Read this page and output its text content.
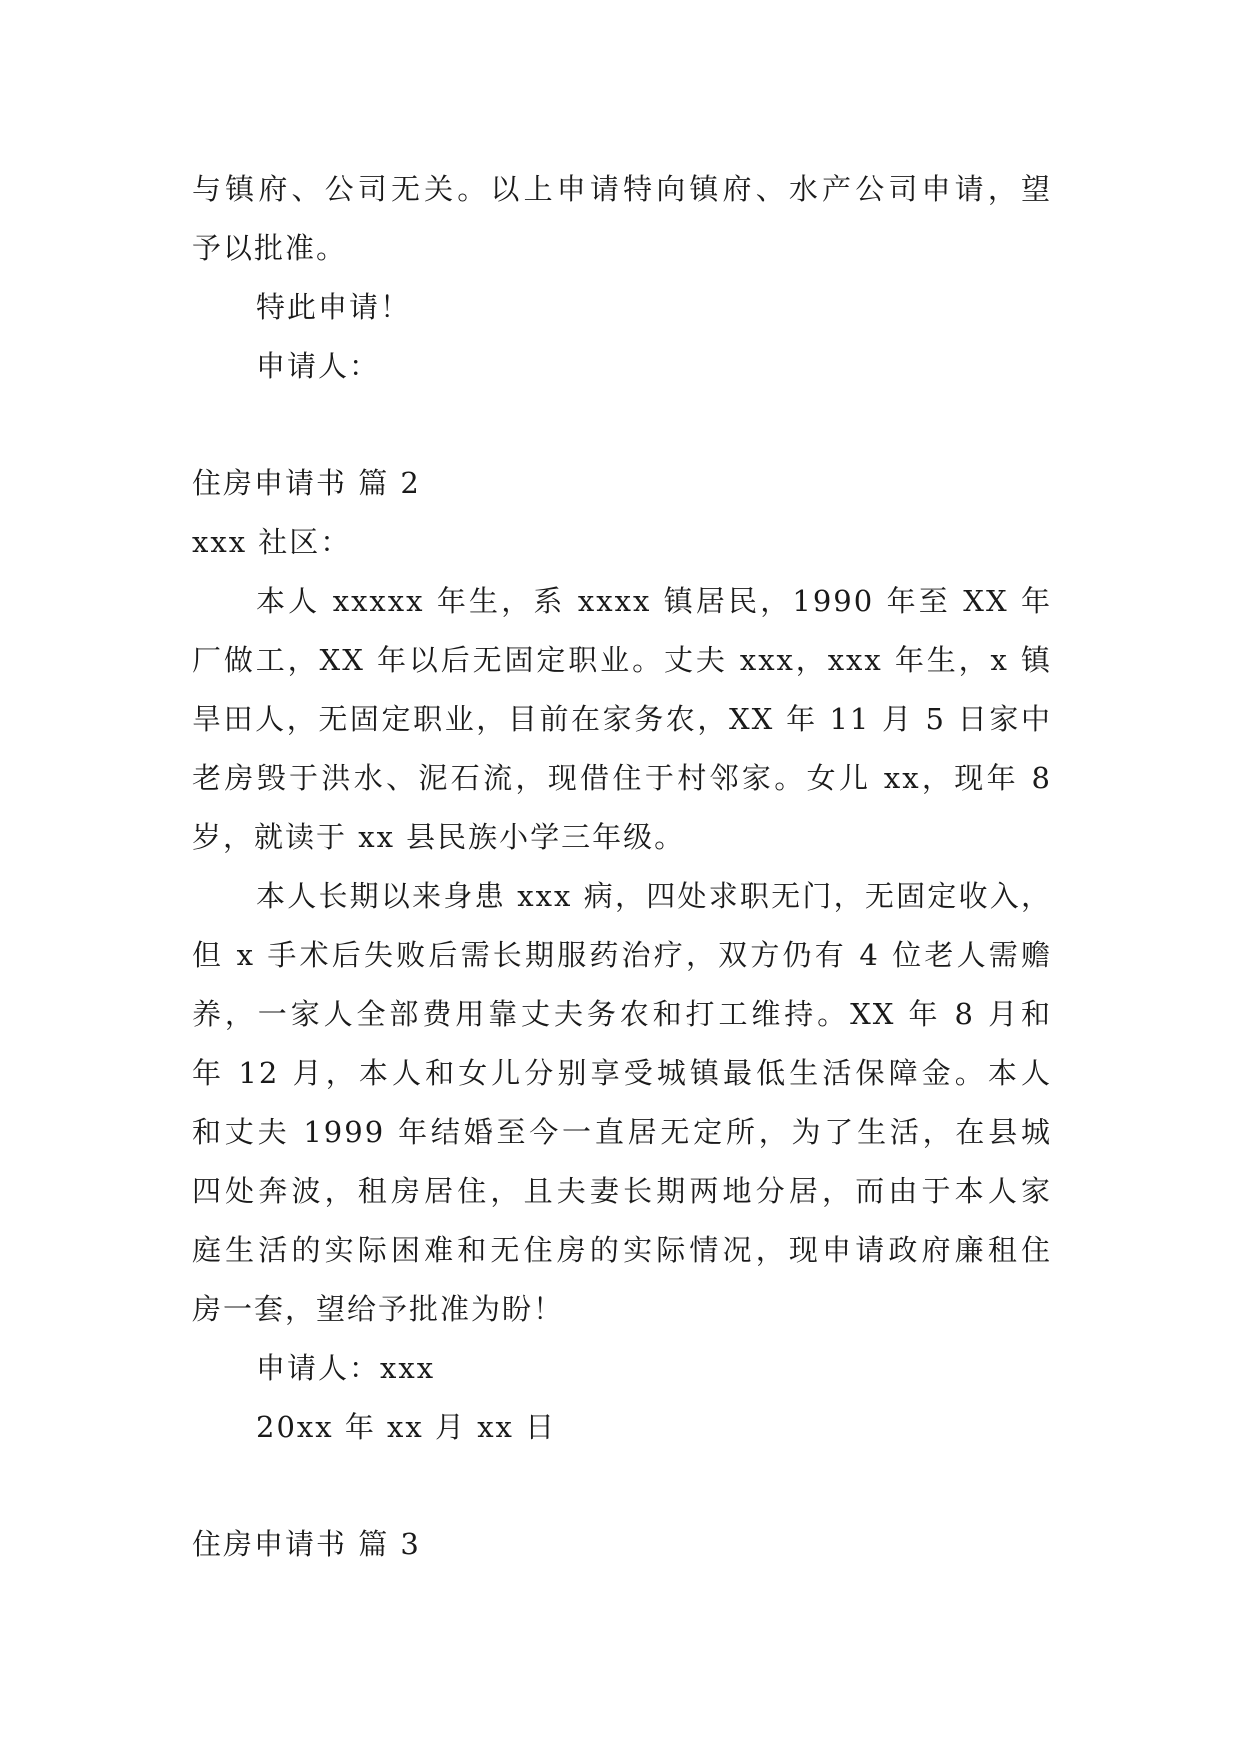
与镇府、公司无关。以上申请特向镇府、水产公司申请，望
予以批准。
特此申请！
申请人：
住房申请书 篇 2
xxx 社区：
本人 xxxxx 年生，系 xxxx 镇居民，1990 年至 XX 年
厂做工，XX 年以后无固定职业。丈夫 xxx，xxx 年生，x 镇
旱田人，无固定职业，目前在家务农，XX 年 11 月 5 日家中
老房毁于洪水、泥石流，现借住于村邻家。女儿 xx，现年 8
岁，就读于 xx 县民族小学三年级。
本人长期以来身患 xxx 病，四处求职无门，无固定收入，
但 x 手术后失败后需长期服药治疗，双方仍有 4 位老人需赡
养，一家人全部费用靠丈夫务农和打工维持。XX 年 8 月和
年 12 月，本人和女儿分别享受城镇最低生活保障金。本人
和丈夫 1999 年结婚至今一直居无定所，为了生活，在县城
四处奔波，租房居住，且夫妻长期两地分居，而由于本人家
庭生活的实际困难和无住房的实际情况，现申请政府廉租住
房一套，望给予批准为盼！
申请人：xxx
20xx 年 xx 月 xx 日
住房申请书 篇 3
